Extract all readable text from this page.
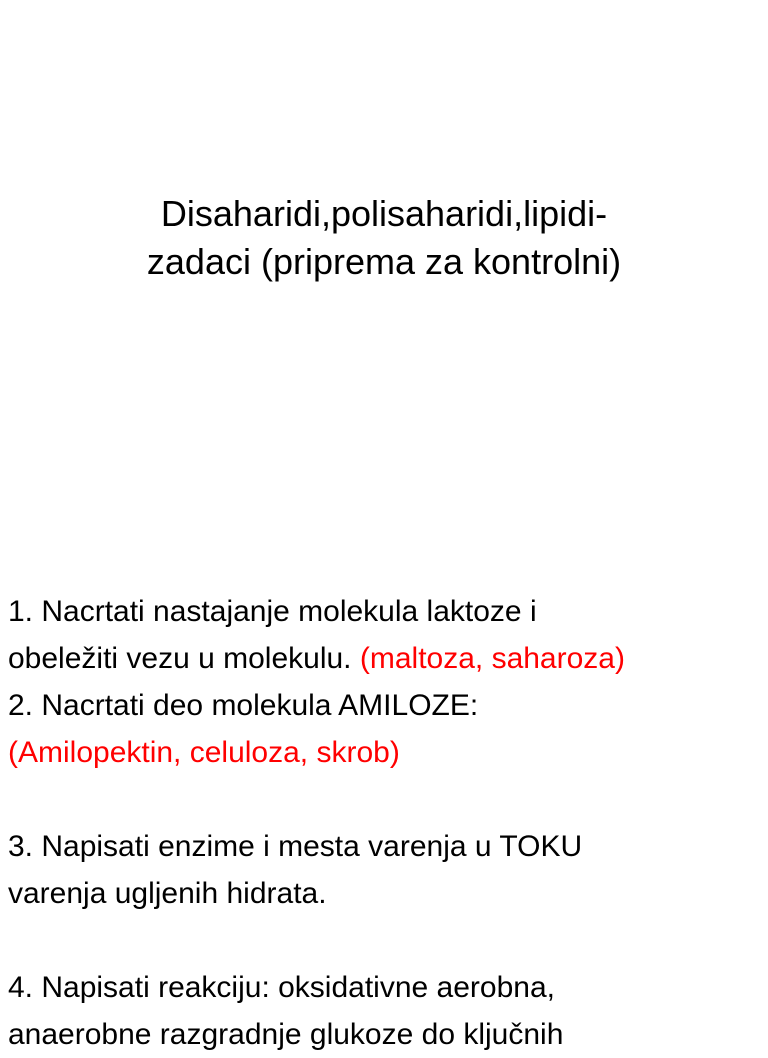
Disaharidi,polisaharidi,lipidi-
zadaci (priprema za kontrolni)
1. Nacrtati nastajanje molekula laktoze i
obeležiti vezu u molekulu. (maltoza, saharoza)
2. Nacrtati deo molekula AMILOZE:
(Amilopektin, celuloza, skrob)
3. Napisati enzime i mesta varenja u TOKU
varenja ugljenih hidrata.
4. Napisati reakciju: oksidativne aerobna,
anaerobne razgradnje glukoze do ključnih
